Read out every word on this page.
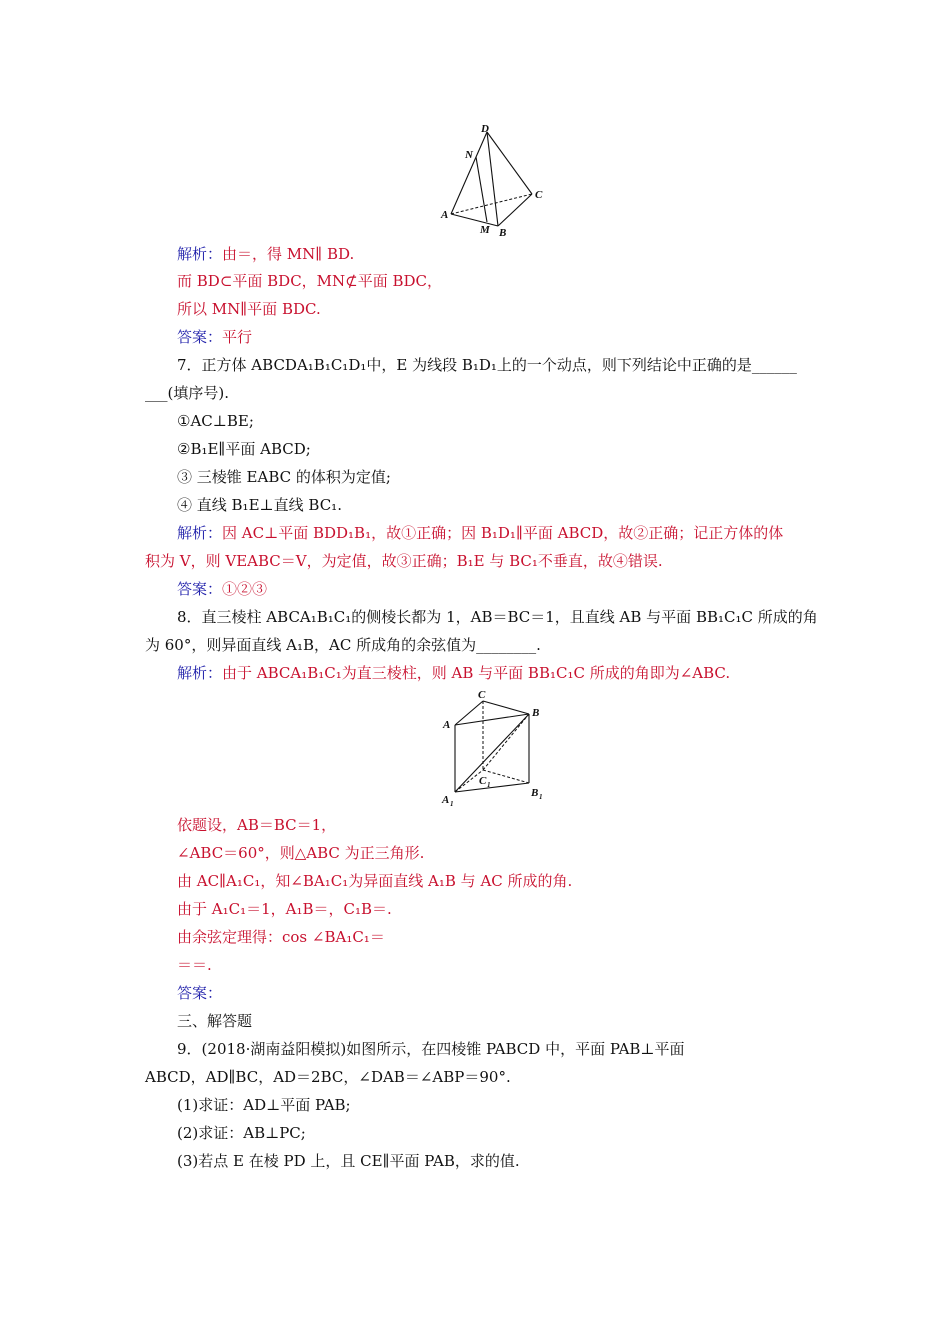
D
N
C
A
M B
解析：由＝，得 MN∥ BD.
而 BD⊂平面 BDC，MN⊄平面 BDC，
所以 MN∥平面 BDC.
答案：平行
7．正方体 ABCDA₁B₁C₁D₁中，E 为线段 B₁D₁上的一个动点，则下列结论中正确的是______
___(填序号).
①AC⊥BE;
②B₁E∥平面 ABCD;
③ 三棱锥 EABC 的体积为定值;
④ 直线 B₁E⊥直线 BC₁.
解析：因 AC⊥平面 BDD₁B₁，故①正确；因 B₁D₁∥平面 ABCD，故②正确；记正方体的体
积为 V，则 VEABC＝V，为定值，故③正确；B₁E 与 BC₁不垂直，故④错误.
答案：①②③
8．直三棱柱 ABCA₁B₁C₁的侧棱长都为 1，AB＝BC＝1，且直线 AB 与平面 BB₁C₁C 所成的角
为 60°，则异面直线 A₁B，AC 所成角的余弦值为________.
解析：由于 ABCA₁B₁C₁为直三棱柱，则 AB 与平面 BB₁C₁C 所成的角即为∠ABC.
C
A
B
C 1
A 1
B 1
依题设，AB＝BC＝1，
∠ABC＝60°，则△ABC 为正三角形.
由 AC∥A₁C₁，知∠BA₁C₁为异面直线 A₁B 与 AC 所成的角.
由于 A₁C₁＝1，A₁B＝，C₁B＝.
由余弦定理得：cos ∠BA₁C₁＝
＝＝.
答案：
三、解答题
9．(2018·湖南益阳模拟)如图所示，在四棱锥 PABCD 中，平面 PAB⊥平面
ABCD，AD∥BC，AD＝2BC，∠DAB＝∠ABP＝90°.
(1)求证：AD⊥平面 PAB;
(2)求证：AB⊥PC;
(3)若点 E 在棱 PD 上，且 CE∥平面 PAB，求的值.
